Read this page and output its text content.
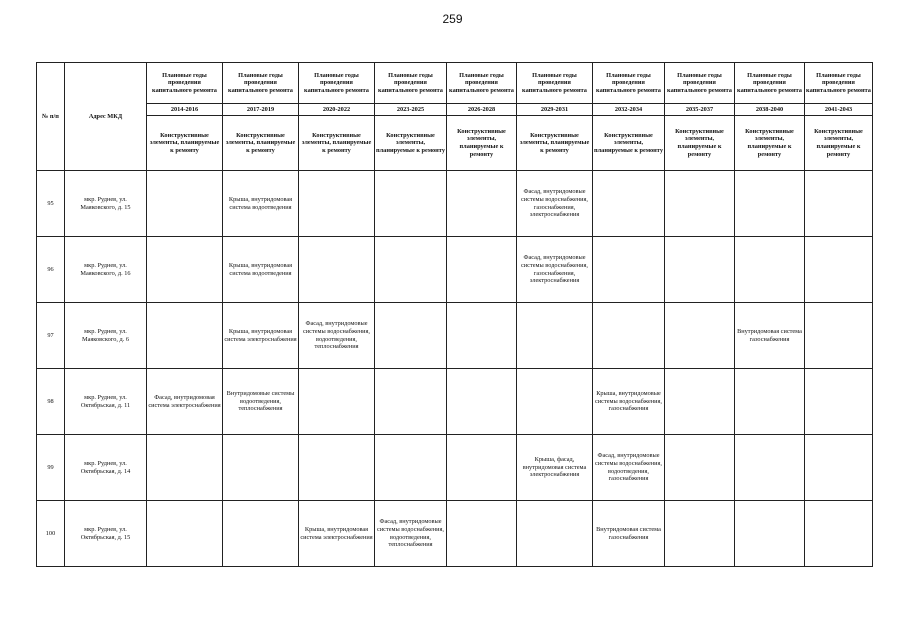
259
№ п/п	Адрес МКД	Плановые годы проведения капитального ремонта	Плановые годы проведения капитального ремонта	Плановые годы проведения капитального ремонта	Плановые годы проведения капитального ремонта	Плановые годы проведения капитального ремонта	Плановые годы проведения капитального ремонта	Плановые годы проведения капитального ремонта	Плановые годы проведения капитального ремонта	Плановые годы проведения капитального ремонта	Плановые годы проведения капитального ремонта
		2014-2016	2017-2019	2020-2022	2023-2025	2026-2028	2029-2031	2032-2034	2035-2037	2038-2040	2041-2043
		Конструктивные элементы, планируемые к ремонту	Конструктивные элементы, планируемые к ремонту	Конструктивные элементы, планируемые к ремонту	Конструктивные элементы, планируемые к ремонту	Конструктивные элементы, планируемые к ремонту	Конструктивные элементы, планируемые к ремонту	Конструктивные элементы, планируемые к ремонту	Конструктивные элементы, планируемые к ремонту	Конструктивные элементы, планируемые к ремонту	Конструктивные элементы, планируемые к ремонту
95	мкр. Руднев, ул. Маяковского, д. 15		Крыша, внутридомовая система водоотведения				Фасад, внутридомовые системы водоснабжения, газоснабжения, электроснабжения				
96	мкр. Руднев, ул. Маяковского, д. 16		Крыша, внутридомовая система водоотведения				Фасад, внутридомовые системы водоснабжения, газоснабжения, электроснабжения				
97	мкр. Руднев, ул. Маяковского, д. 6		Крыша, внутридомовая система электроснабжения	Фасад, внутридомовые системы водоснабжения, водоотведения, теплоснабжения						Внутридомовая система газоснабжения	
98	мкр. Руднев, ул. Октябрьская, д. 11	Фасад, внутридомовая система электроснабжения	Внутридомовые системы водоотведения, теплоснабжения					Крыша, внутридомовые системы водоснабжения, газоснабжения			
99	мкр. Руднев, ул. Октябрьская, д. 14						Крыша, фасад, внутридомовая система электроснабжения	Фасад, внутридомовые системы водоснабжения, водоотведения, газоснабжения			
100	мкр. Руднев, ул. Октябрьская, д. 15			Крыша, внутридомовая система электроснабжения	Фасад, внутридомовые системы водоснабжения, водоотведения, теплоснабжения			Внутридомовая система газоснабжения			
